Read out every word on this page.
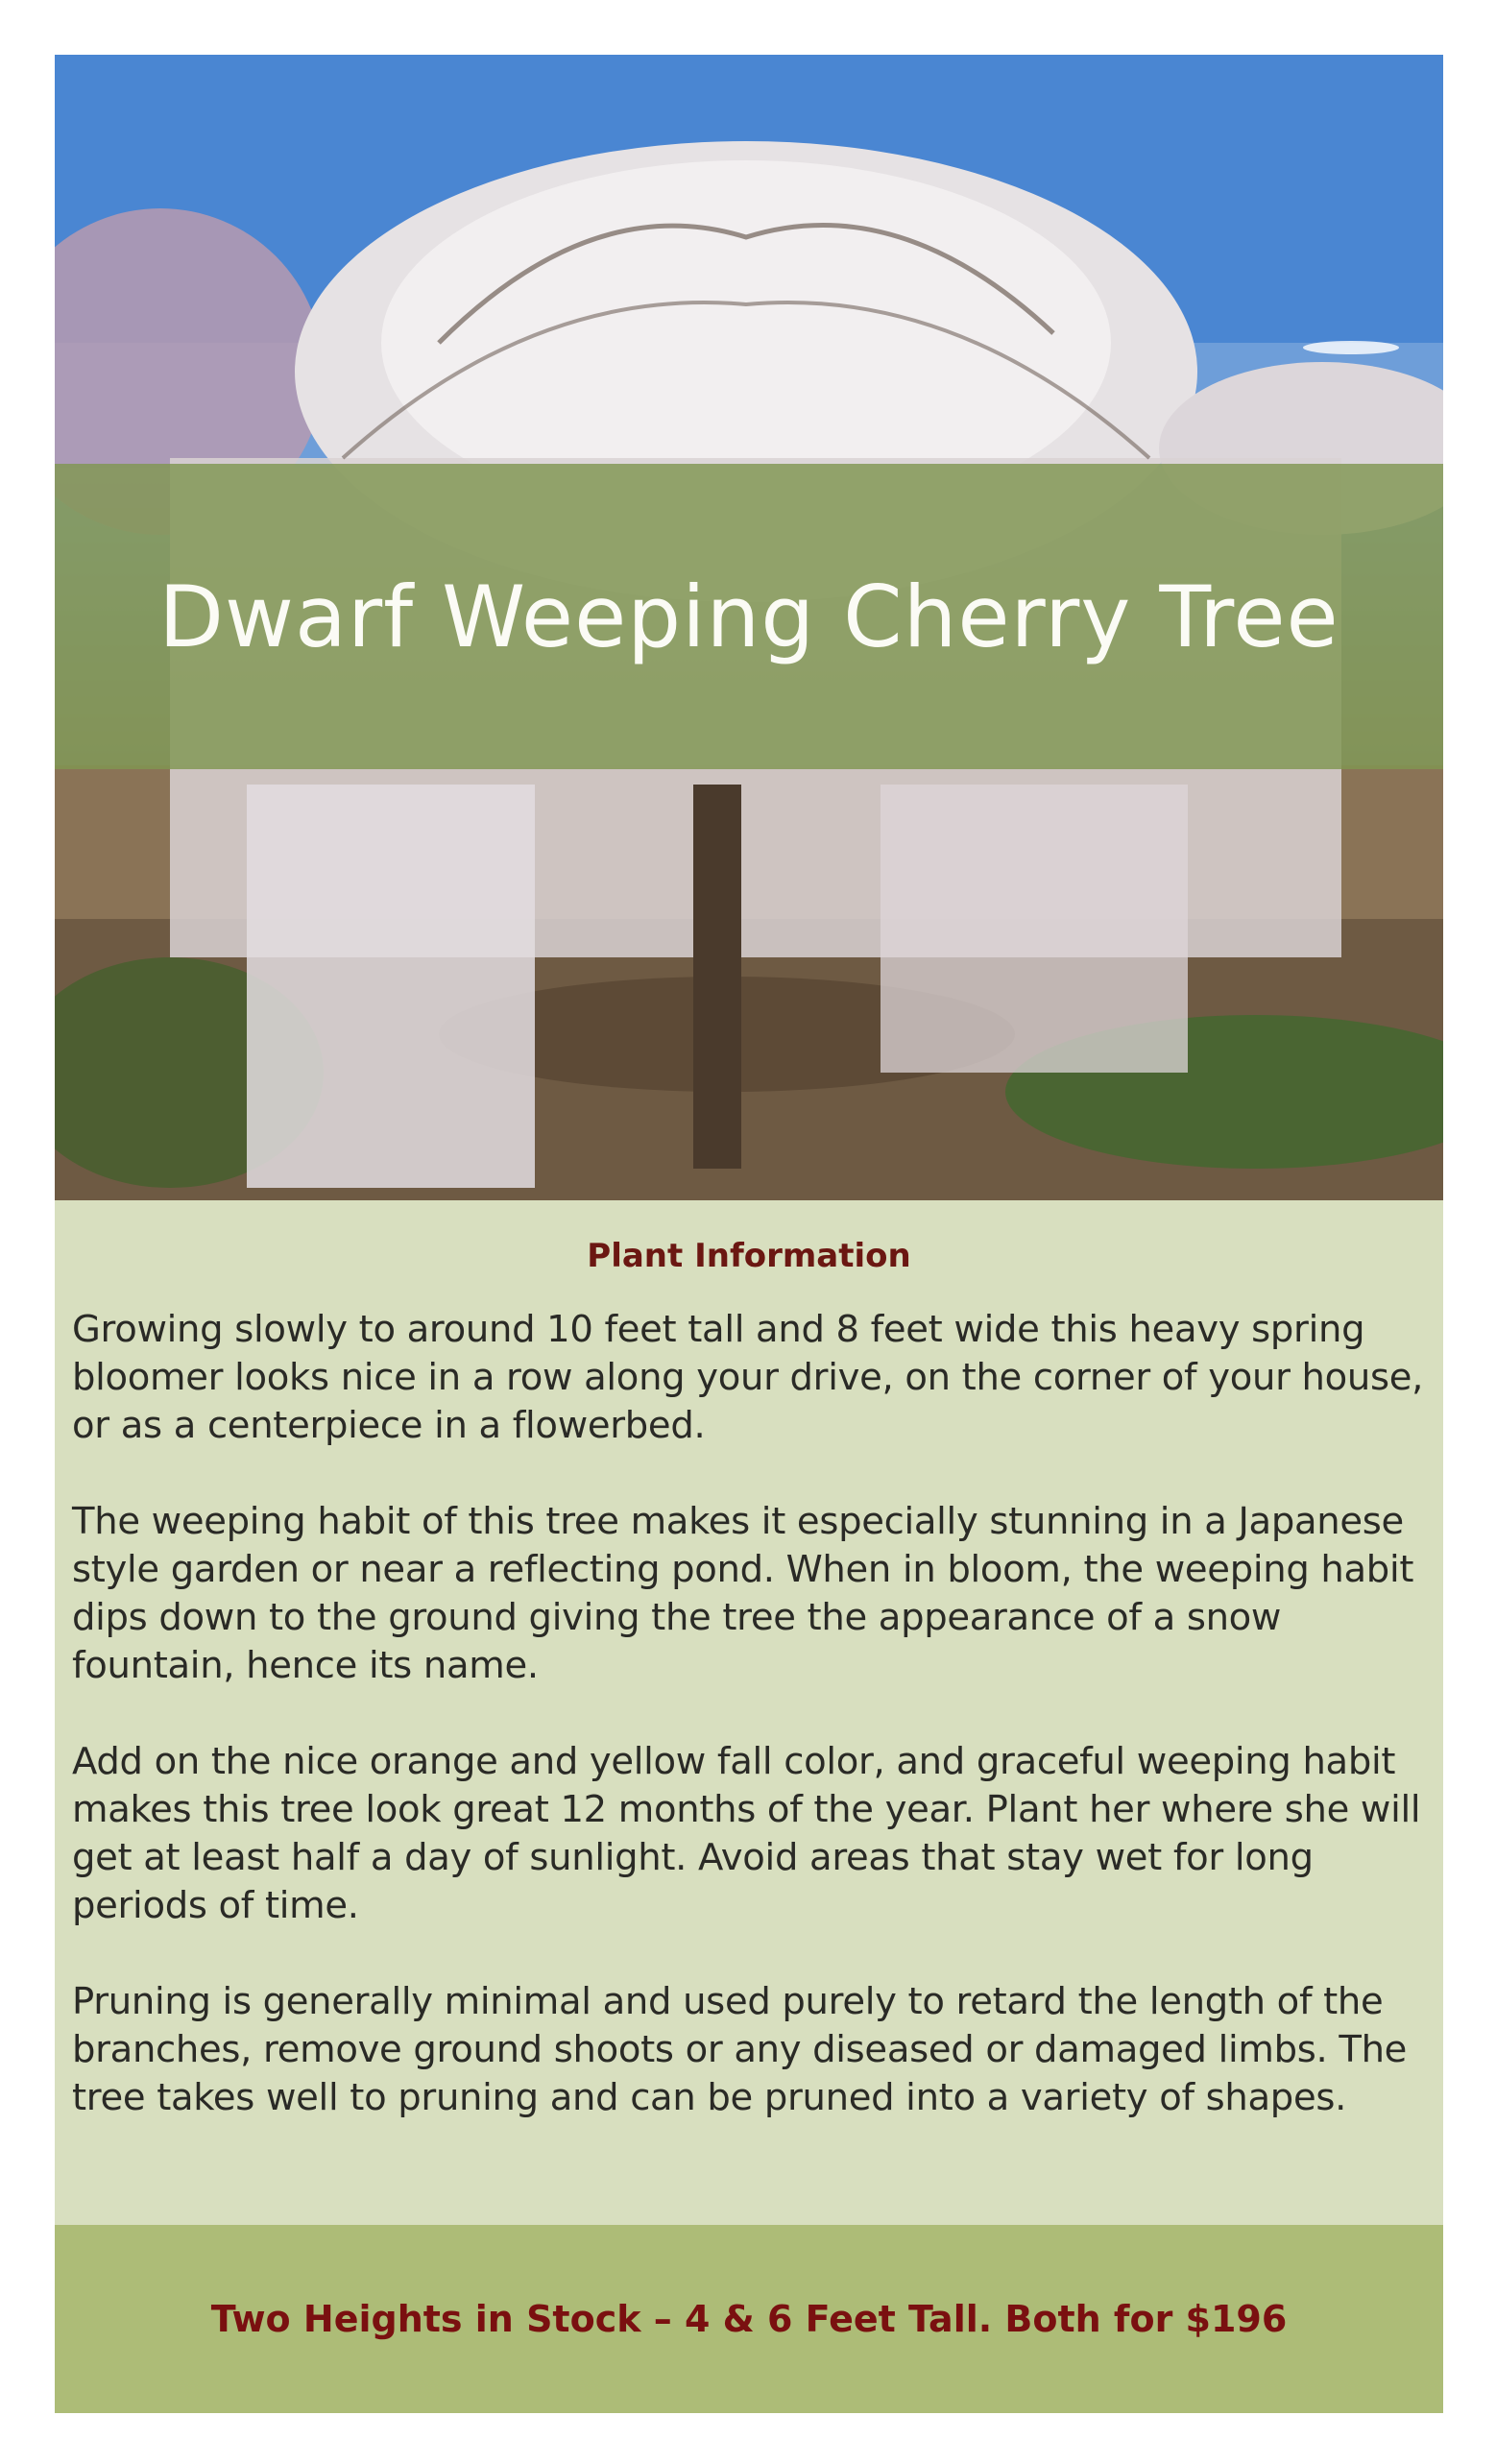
Dwarf Weeping Cherry Tree
Plant Information

Growing slowly to around 10 feet tall and 8 feet wide this heavy spring bloomer looks nice in a row along your drive, on the corner of your house, or as a centerpiece in a flowerbed.

The weeping habit of this tree makes it especially stunning in a Japanese style garden or near a reflecting pond. When in bloom, the weeping habit dips down to the ground giving the tree the appearance of a snow fountain, hence its name.

Add on the nice orange and yellow fall color, and graceful weeping habit makes this tree look great 12 months of the year. Plant her where she will get at least half a day of sunlight. Avoid areas that stay wet for long periods of time.

Pruning is generally minimal and used purely to retard the length of the branches, remove ground shoots or any diseased or damaged limbs. The tree takes well to pruning and can be pruned into a variety of shapes.

Two Heights in Stock – 4 & 6 Feet Tall. Both for $196
